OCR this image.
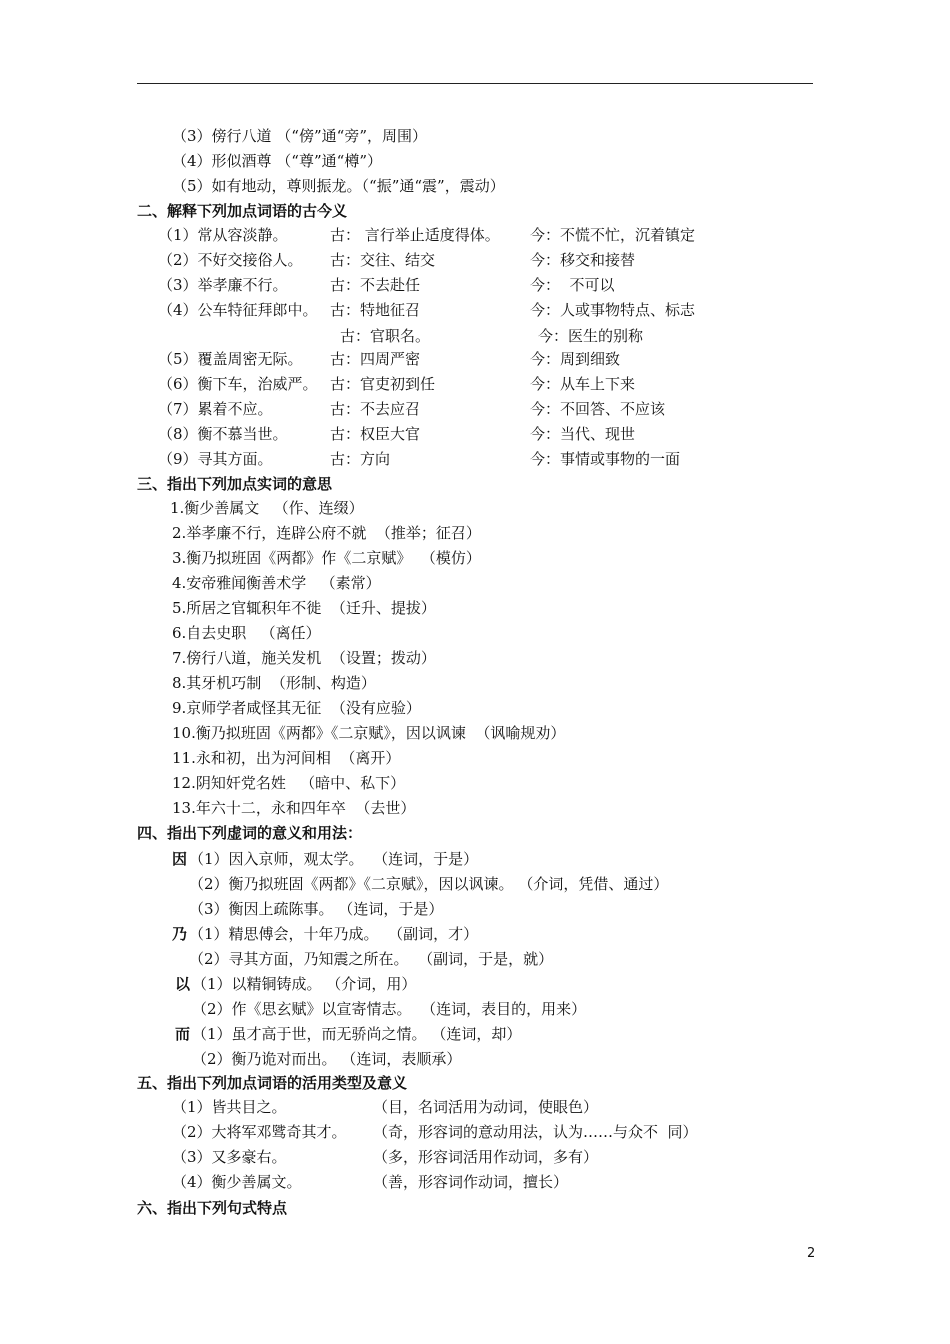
（3）傍行八道 （“傍”通“旁”，周围）
（4）形似酒尊 （“尊”通“樽”）
（5）如有地动，尊则振龙。（“振”通“震”，震动）
二、解释下列加点词语的古今义
（1）常从容淡静。	古： 言行举止适度得体。 今：不慌不忙，沉着镇定
（2）不好交接俗人。 古：交往、结交	今：移交和接替
（3）举孝廉不行。	古：不去赴任	今：  不可以
（4）公车特征拜郎中。 古：特地征召	今：人或事物特点、标志
古：官职名。	今：医生的别称
（5）覆盖周密无际。 古：四周严密	今：周到细致
（6）衡下车，治威严。 古：官吏初到任	今：从车上下来
（7）累着不应。	古：不去应召	今：不回答、不应该
（8）衡不慕当世。	古：权臣大官	今：当代、现世
（9）寻其方面。	古：方向	今：事情或事物的一面
三、指出下列加点实词的意思
1.衡少善属文   （作、连缀）
2.举孝廉不行，连辟公府不就  （推举；征召）
3.衡乃拟班固《两都》作《二京赋》  （模仿）
4.安帝雅闻衡善术学   （素常）
5.所居之官辄积年不徙  （迁升、提拔）
6.自去史职   （离任）
7.傍行八道，施关发机  （设置；拨动）
8.其牙机巧制  （形制、构造）
9.京师学者咸怪其无征  （没有应验）
10.衡乃拟班固《两都》《二京赋》，因以讽谏  （讽喻规劝）
11.永和初，出为河间相  （离开）
12.阴知奸党名姓   （暗中、私下）
13.年六十二，永和四年卒  （去世）
四、指出下列虚词的意义和用法：
因 （1）因入京师，观太学。  （连词，于是）
（2）衡乃拟班固《两都》《二京赋》，因以讽谏。 （介词，凭借、通过）
（3）衡因上疏陈事。 （连词，于是）
乃 （1）精思傅会，十年乃成。  （副词，才）
（2）寻其方面，乃知震之所在。  （副词，于是，就）
以 （1）以精铜铸成。 （介词，用）
（2）作《思玄赋》以宣寄情志。  （连词，表目的，用来）
而 （1）虽才高于世，而无骄尚之情。 （连词，却）
（2）衡乃诡对而出。 （连词，表顺承）
五、指出下列加点词语的活用类型及意义
（1）皆共目之。	（目，名词活用为动词，使眼色）
（2）大将军邓骘奇其才。 （奇，形容词的意动用法，认为……与众不  同）
（3）又多豪右。	（多，形容词活用作动词，多有）
（4）衡少善属文。	（善，形容词作动词，擅长）
六、指出下列句式特点
2
